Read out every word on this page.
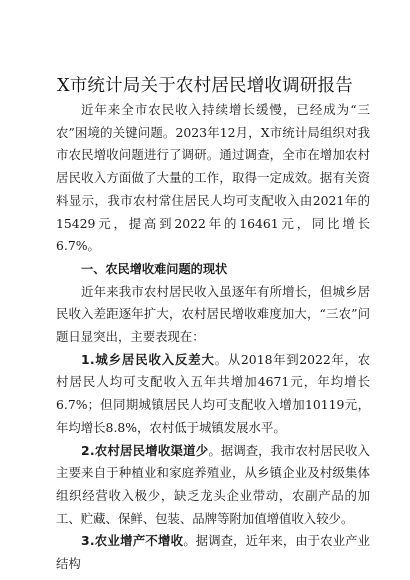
X市统计局关于农村居民增收调研报告

近年来全市农民收入持续增长缓慢，已经成为“三农”困境的关键问题。2023年12月，X市统计局组织对我市农民增收问题进行了调研。通过调查，全市在增加农村居民收入方面做了大量的工作，取得一定成效。据有关资料显示，我市农村常住居民人均可支配收入由2021年的15429元，提高到2022年的16461元，同比增长6.7%。

一、农民增收难问题的现状

近年来我市农村居民收入虽逐年有所增长，但城乡居民收入差距逐年扩大，农村居民增收难度加大，“三农”问题日显突出，主要表现在：

1.城乡居民收入反差大。从2018年到2022年，农村居民人均可支配收入五年共增加4671元，年均增长6.7%；但同期城镇居民人均可支配收入增加10119元，年均增长8.8%，农村低于城镇发展水平。

2.农村居民增收渠道少。据调查，我市农村居民收入主要来自于种植业和家庭养殖业，从乡镇企业及村级集体组织经营收入极少，缺乏龙头企业带动，农副产品的加工、贮藏、保鲜、包装、品牌等附加值增值收入较少。

3.农业增产不增收。据调查，近年来，由于农业产业结构
